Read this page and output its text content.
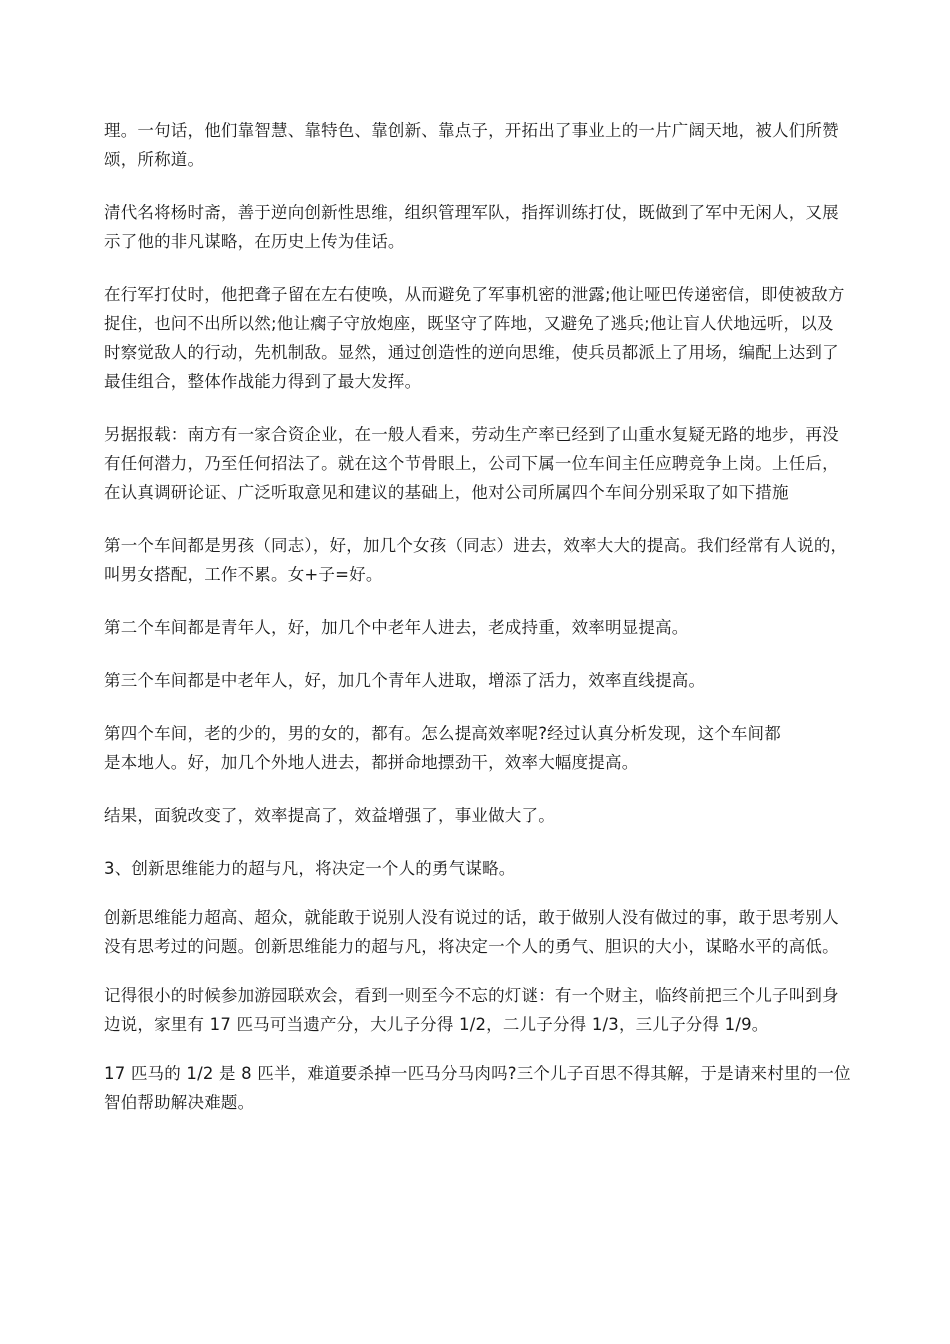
理。一句话，他们靠智慧、靠特色、靠创新、靠点子，开拓出了事业上的一片广阔天地，被人们所赞
颂，所称道。

清代名将杨时斋，善于逆向创新性思维，组织管理军队，指挥训练打仗，既做到了军中无闲人，又展
示了他的非凡谋略，在历史上传为佳话。

在行军打仗时，他把聋子留在左右使唤，从而避免了军事机密的泄露;他让哑巴传递密信，即使被敌方
捉住，也问不出所以然;他让瘸子守放炮座，既坚守了阵地，又避免了逃兵;他让盲人伏地远听，以及
时察觉敌人的行动，先机制敌。显然，通过创造性的逆向思维，使兵员都派上了用场，编配上达到了
最佳组合，整体作战能力得到了最大发挥。

另据报载：南方有一家合资企业，在一般人看来，劳动生产率已经到了山重水复疑无路的地步，再没
有任何潜力，乃至任何招法了。就在这个节骨眼上，公司下属一位车间主任应聘竞争上岗。上任后，
在认真调研论证、广泛听取意见和建议的基础上，他对公司所属四个车间分别采取了如下措施

第一个车间都是男孩（同志），好，加几个女孩（同志）进去，效率大大的提高。我们经常有人说的，
叫男女搭配，工作不累。女+子=好。

第二个车间都是青年人，好，加几个中老年人进去，老成持重，效率明显提高。

第三个车间都是中老年人，好，加几个青年人进取，增添了活力，效率直线提高。

第四个车间，老的少的，男的女的，都有。怎么提高效率呢?经过认真分析发现，这个车间都
是本地人。好，加几个外地人进去，都拼命地摽劲干，效率大幅度提高。

结果，面貌改变了，效率提高了，效益增强了，事业做大了。

3、创新思维能力的超与凡，将决定一个人的勇气谋略。

创新思维能力超高、超众，就能敢于说别人没有说过的话，敢于做别人没有做过的事，敢于思考别人
没有思考过的问题。创新思维能力的超与凡，将决定一个人的勇气、胆识的大小，谋略水平的高低。

记得很小的时候参加游园联欢会，看到一则至今不忘的灯谜：有一个财主，临终前把三个儿子叫到身
边说，家里有 17 匹马可当遗产分，大儿子分得 1/2，二儿子分得 1/3，三儿子分得 1/9。

17 匹马的 1/2 是 8 匹半，难道要杀掉一匹马分马肉吗?三个儿子百思不得其解，于是请来村里的一位
智伯帮助解决难题。
